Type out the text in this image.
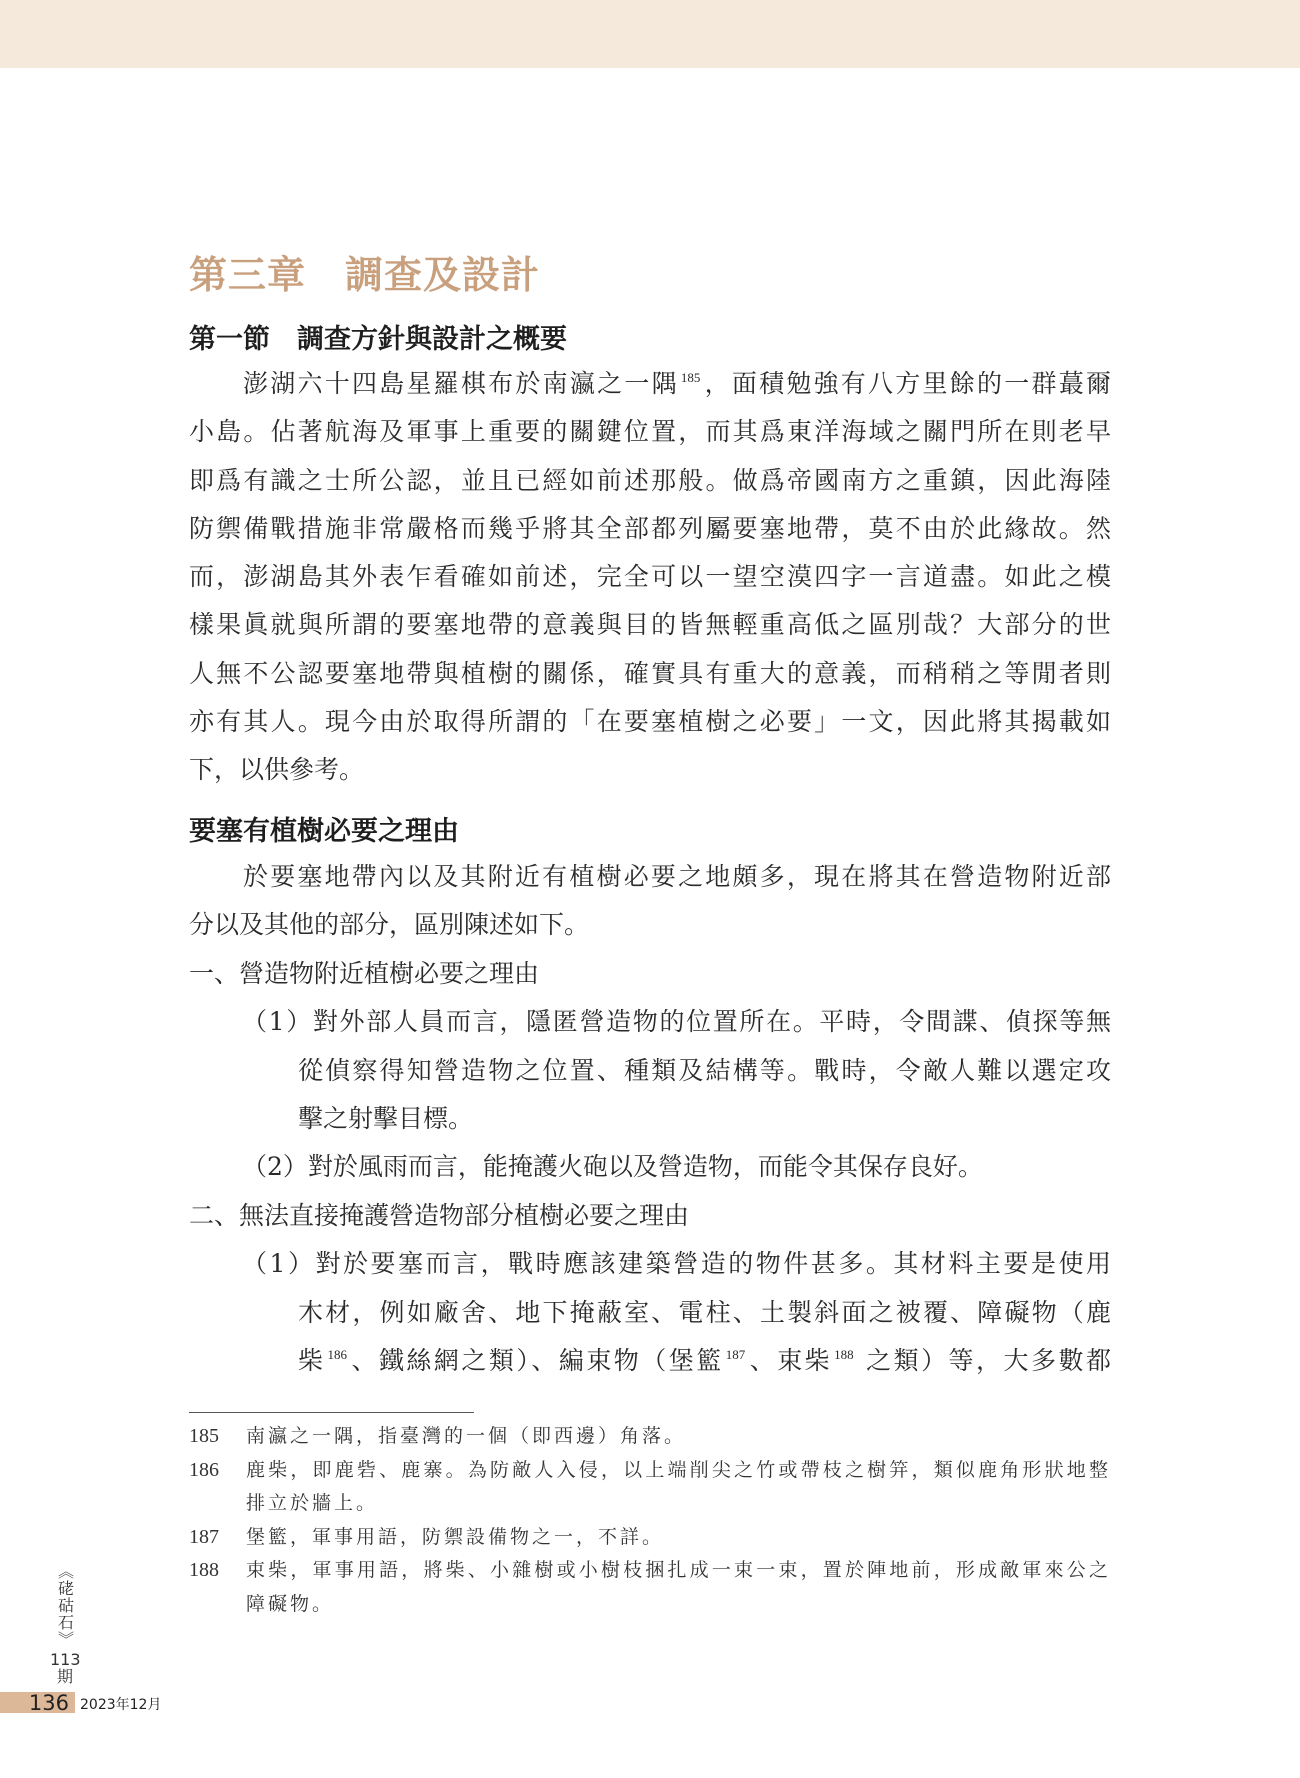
第三章　調查及設計
第一節　調查方針與設計之概要
澎湖六十四島星羅棋布於南瀛之一隅 $^{185}$，面積勉強有八方里餘的一群蕞爾
小島。佔著航海及軍事上重要的關鍵位置，而其爲東洋海域之關門所在則老早
即爲有識之士所公認，並且已經如前述那般。做爲帝國南方之重鎮，因此海陸
防禦備戰措施非常嚴格而幾乎將其全部都列屬要塞地帶，莫不由於此緣故。然
而，澎湖島其外表乍看確如前述，完全可以一望空漠四字一言道盡。如此之模
樣果眞就與所謂的要塞地帶的意義與目的皆無輕重高低之區別哉？大部分的世
人無不公認要塞地帶與植樹的關係，確實具有重大的意義，而稍稍之等閒者則
亦有其人。現今由於取得所謂的「在要塞植樹之必要」一文，因此將其揭載如
下，以供參考。
要塞有植樹必要之理由
於要塞地帶內以及其附近有植樹必要之地頗多，現在將其在營造物附近部
分以及其他的部分，區別陳述如下。
一、營造物附近植樹必要之理由
（1）對外部人員而言，隱匿營造物的位置所在。平時，令間諜、偵探等無
從偵察得知營造物之位置、種類及結構等。戰時，令敵人難以選定攻
擊之射擊目標。
（2）對於風雨而言，能掩護火砲以及營造物，而能令其保存良好。
二、無法直接掩護營造物部分植樹必要之理由
（1）對於要塞而言，戰時應該建築營造的物件甚多。其材料主要是使用
木材，例如廠舍、地下掩蔽室、電柱、土製斜面之被覆、障礙物（鹿
柴 $^{186}$、鐵絲網之類）、編束物（堡籃 $^{187}$、束柴 $^{188}$ 之類）等，大多數都
185	南瀛之一隅，指臺灣的一個（即西邊）角落。
186	鹿柴，即鹿砦、鹿寨。為防敵人入侵，以上端削尖之竹或帶枝之樹笄，類似鹿角形狀地整
排立於牆上。
187	堡籃，軍事用語，防禦設備物之一，不詳。
188	束柴，軍事用語，將柴、小雜樹或小樹枝捆扎成一束一束，置於陣地前，形成敵軍來公之
障礙物。
《硓𥑮石》
113
期
136 2023年12月
